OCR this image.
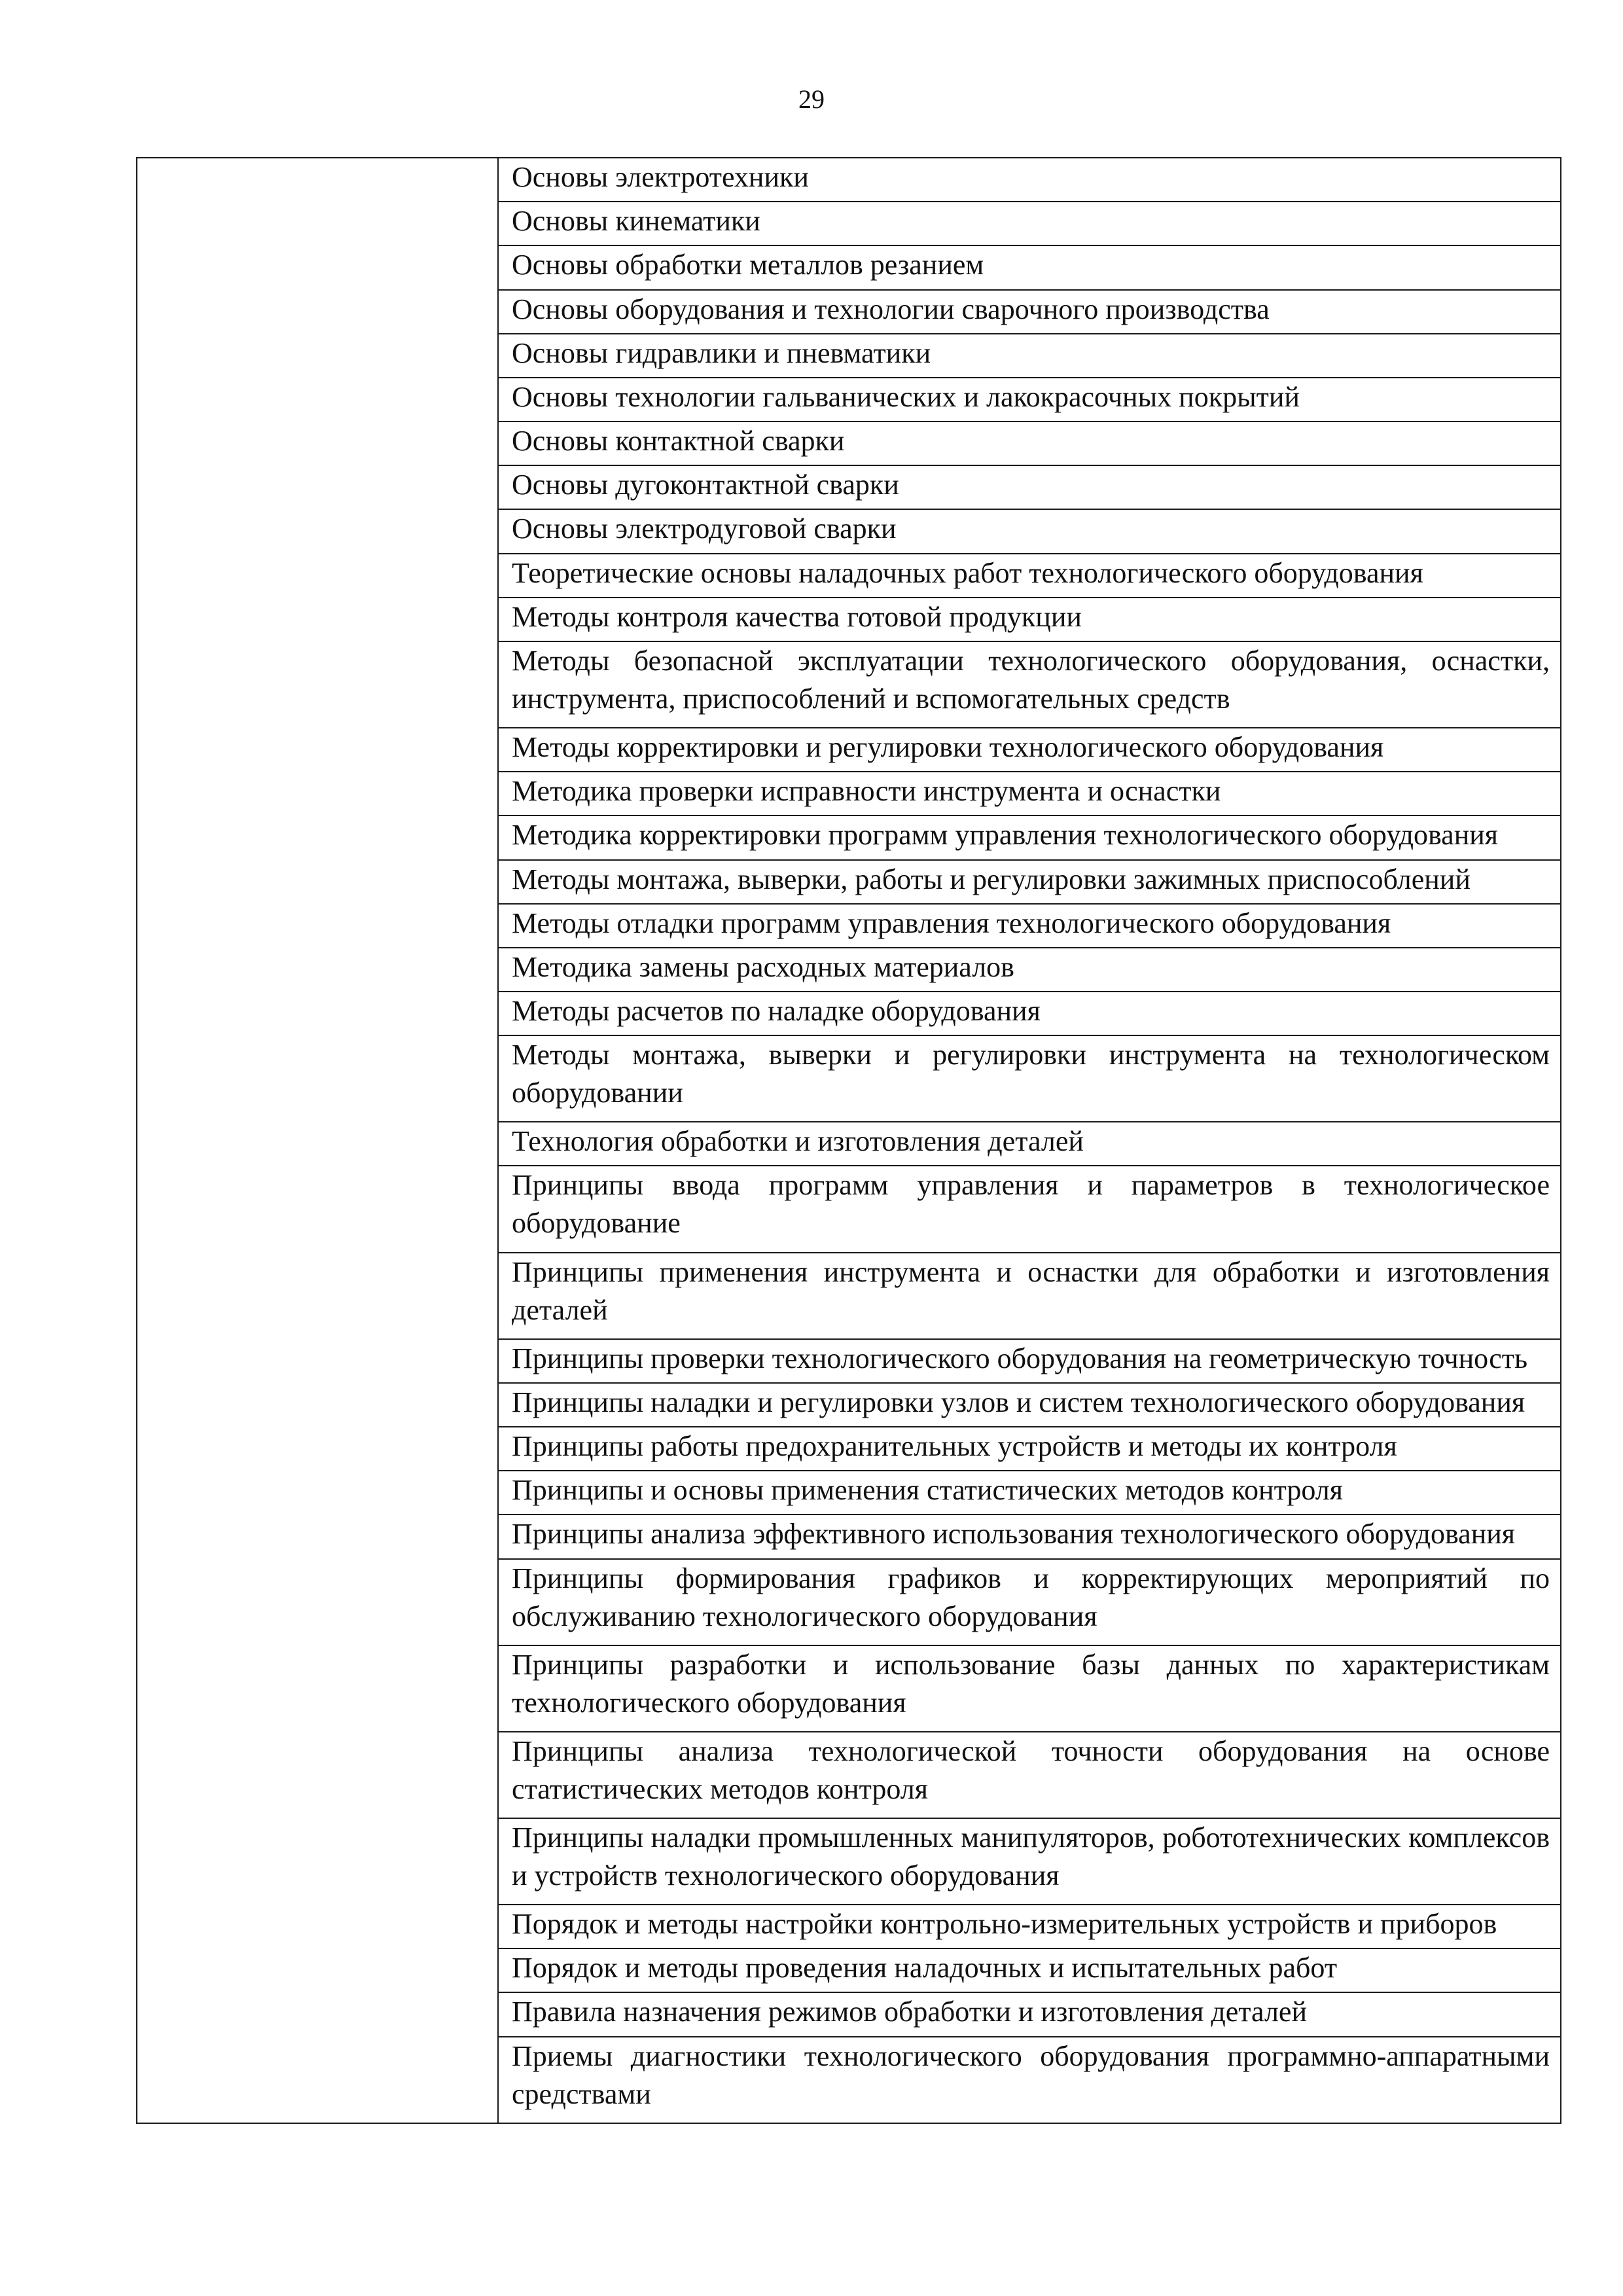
29

Основы электротехники

Основы кинематики

Основы обработки металлов резанием

Основы оборудования и технологии сварочного производства

Основы гидравлики и пневматики

Основы технологии гальванических и лакокрасочных покрытий

Основы контактной сварки

Основы дугоконтактной сварки

Основы электродуговой сварки

Теоретические основы наладочных работ технологического оборудования

Методы контроля качества готовой продукции

Методы безопасной эксплуатации технологического оборудования, оснастки, инструмента, приспособлений и вспомогательных средств

Методы корректировки и регулировки технологического оборудования

Методика проверки исправности инструмента и оснастки

Методика корректировки программ управления технологического оборудования

Методы монтажа, выверки, работы и регулировки зажимных приспособлений

Методы отладки программ управления технологического оборудования

Методика замены расходных материалов

Методы расчетов по наладке оборудования

Методы монтажа, выверки и регулировки инструмента на технологическом оборудовании

Технология обработки и изготовления деталей

Принципы ввода программ управления и параметров в технологическое оборудование

Принципы применения инструмента и оснастки для обработки и изготовления деталей

Принципы проверки технологического оборудования на геометрическую точность

Принципы наладки и регулировки узлов и систем технологического оборудования

Принципы работы предохранительных устройств и методы их контроля

Принципы и основы применения статистических методов контроля

Принципы анализа эффективного использования технологического оборудования

Принципы формирования графиков и корректирующих мероприятий по обслуживанию технологического оборудования

Принципы разработки и использование базы данных по характеристикам технологического оборудования

Принципы анализа технологической точности оборудования на основе статистических методов контроля

Принципы наладки промышленных манипуляторов, робототехнических комплексов и устройств технологического оборудования

Порядок и методы настройки контрольно-измерительных устройств и приборов

Порядок и методы проведения наладочных и испытательных работ

Правила назначения режимов обработки и изготовления деталей

Приемы диагностики технологического оборудования программно-аппаратными средствами
